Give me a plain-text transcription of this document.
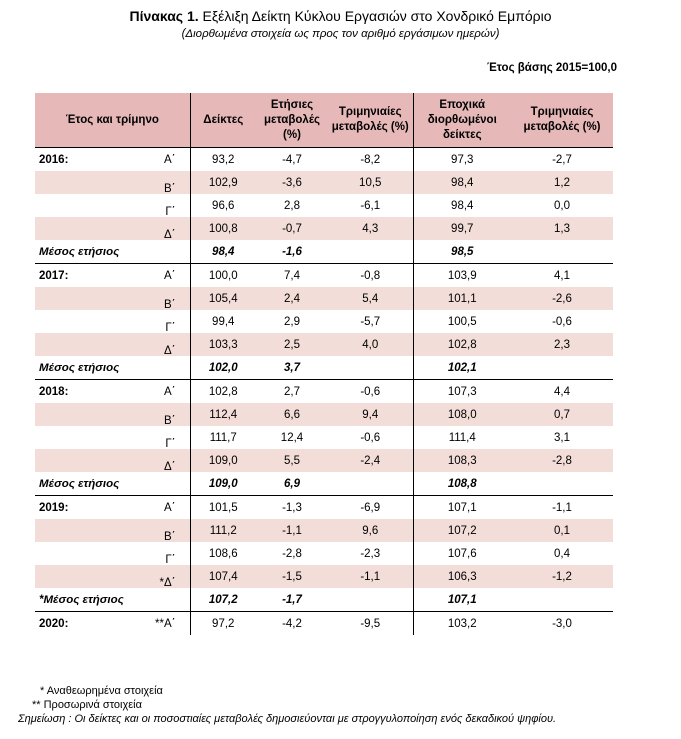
Πίνακας 1. Εξέλιξη Δείκτη Κύκλου Εργασιών στο Χονδρικό Εμπόριο
(Διορθωμένα στοιχεία ως προς τον αριθμό εργάσιμων ημερών)
Έτος βάσης 2015=100,0
Έτος και τρίμηνο	Δείκτες	Ετήσιες μεταβολές (%)	Τριμηνιαίες μεταβολές (%)	Εποχικά διορθωμένοι δείκτες	Τριμηνιαίες μεταβολές (%)
2016: Α΄	93,2	-4,7	-8,2	97,3	-2,7

Β΄	102,9	-3,6	10,5	98,4	1,2

Γ΄	96,6	2,8	-6,1	98,4	0,0

Δ΄	100,8	-0,7	4,3	99,7	1,3
Μέσος ετήσιος	98,4	-1,6		98,5	
2017: Α΄	100,0	7,4	-0,8	103,9	4,1

Β΄	105,4	2,4	5,4	101,1	-2,6

Γ΄	99,4	2,9	-5,7	100,5	-0,6

Δ΄	103,3	2,5	4,0	102,8	2,3
Μέσος ετήσιος	102,0	3,7		102,1	
2018: Α΄	102,8	2,7	-0,6	107,3	4,4

Β΄	112,4	6,6	9,4	108,0	0,7

Γ΄	111,7	12,4	-0,6	111,4	3,1

Δ΄	109,0	5,5	-2,4	108,3	-2,8
Μέσος ετήσιος	109,0	6,9		108,8	
2019: Α΄	101,5	-1,3	-6,9	107,1	-1,1

Β΄	111,2	-1,1	9,6	107,2	0,1

Γ΄	108,6	-2,8	-2,3	107,6	0,4

*Δ΄	107,4	-1,5	-1,1	106,3	-1,2
*Μέσος ετήσιος	107,2	-1,7		107,1	
2020: **Α΄	97,2	-4,2	-9,5	103,2	-3,0
* Αναθεωρημένα στοιχεία
** Προσωρινά στοιχεία
Σημείωση : Οι δείκτες και οι ποσοστιαίες μεταβολές δημοσιεύονται με στρογγυλοποίηση ενός δεκαδικού ψηφίου.
